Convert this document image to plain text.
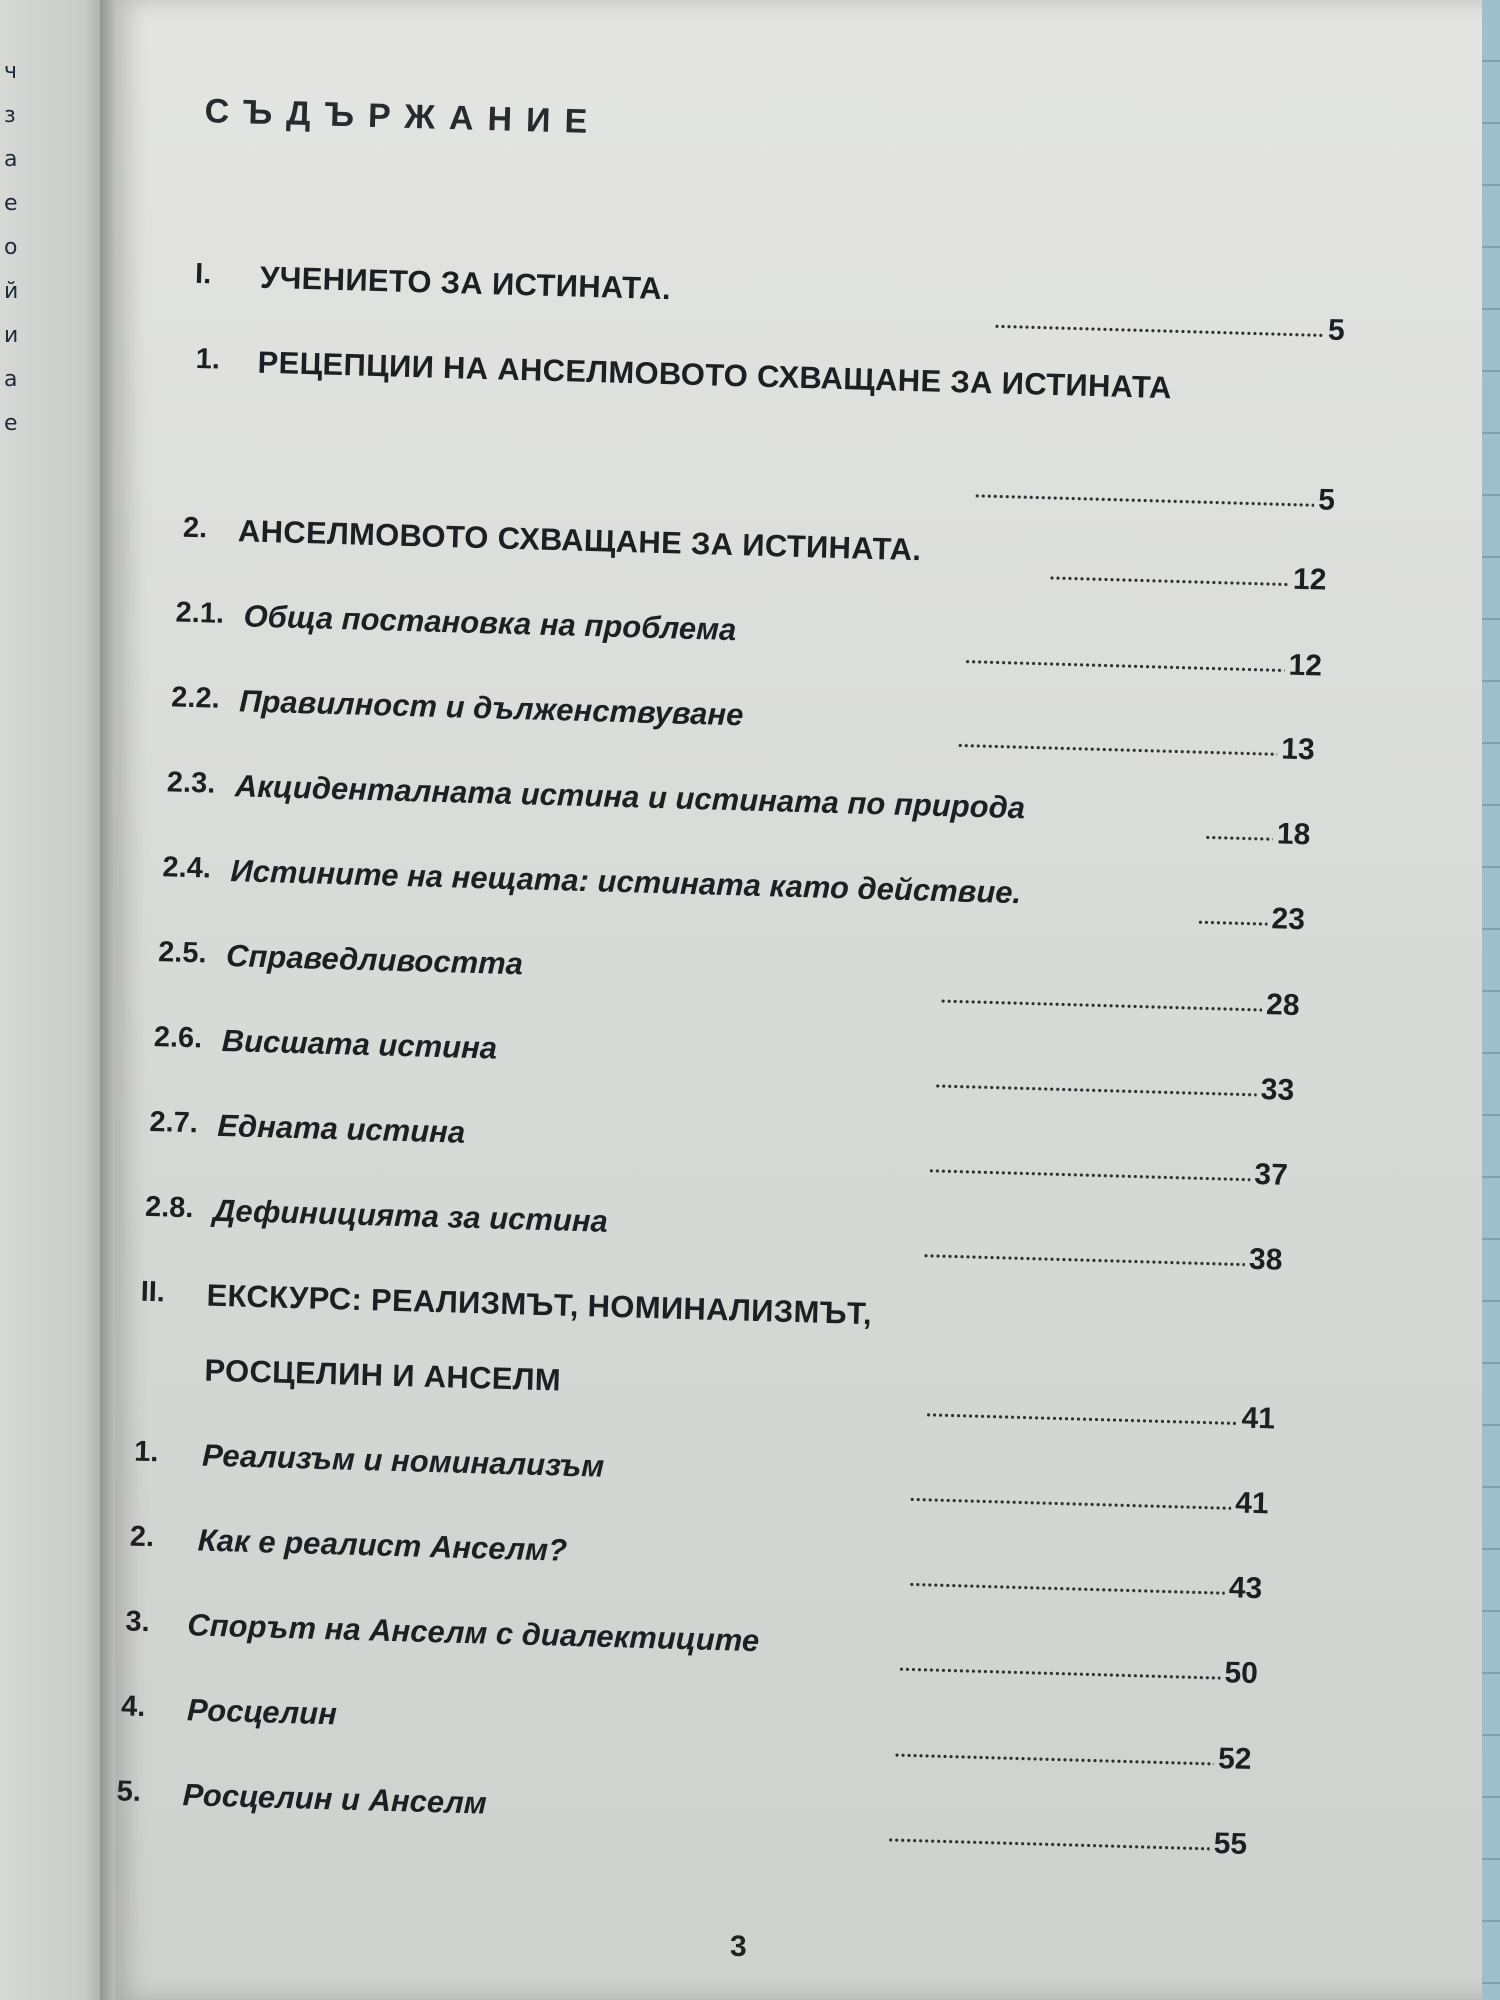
ч
з
а
е
о
й
и
а
е
СЪДЪРЖАНИЕ
I. УЧЕНИЕТО ЗА ИСТИНАТА.
5
1. РЕЦЕПЦИИ НА АНСЕЛМОВОТО СХВАЩАНЕ ЗА ИСТИНАТА
5
2. АНСЕЛМОВОТО СХВАЩАНЕ ЗА ИСТИНАТА.
12
2.1. Обща постановка на проблема
12
2.2. Правилност и дълженствуване
13
2.3. Акциденталната истина и истината по природа
18
2.4. Истините на нещата: истината като действие.
23
2.5. Справедливостта
28
2.6. Висшата истина
33
2.7. Едната истина
37
2.8. Дефиницията за истина
38
II. ЕКСКУРС: РЕАЛИЗМЪТ, НОМИНАЛИЗМЪТ,
РОСЦЕЛИН И АНСЕЛМ
41
1. Реализъм и номинализъм
41
2. Как е реалист Анселм?
43
3. Спорът на Анселм с диалектиците
50
4. Росцелин
52
5. Росцелин и Анселм
55
3
